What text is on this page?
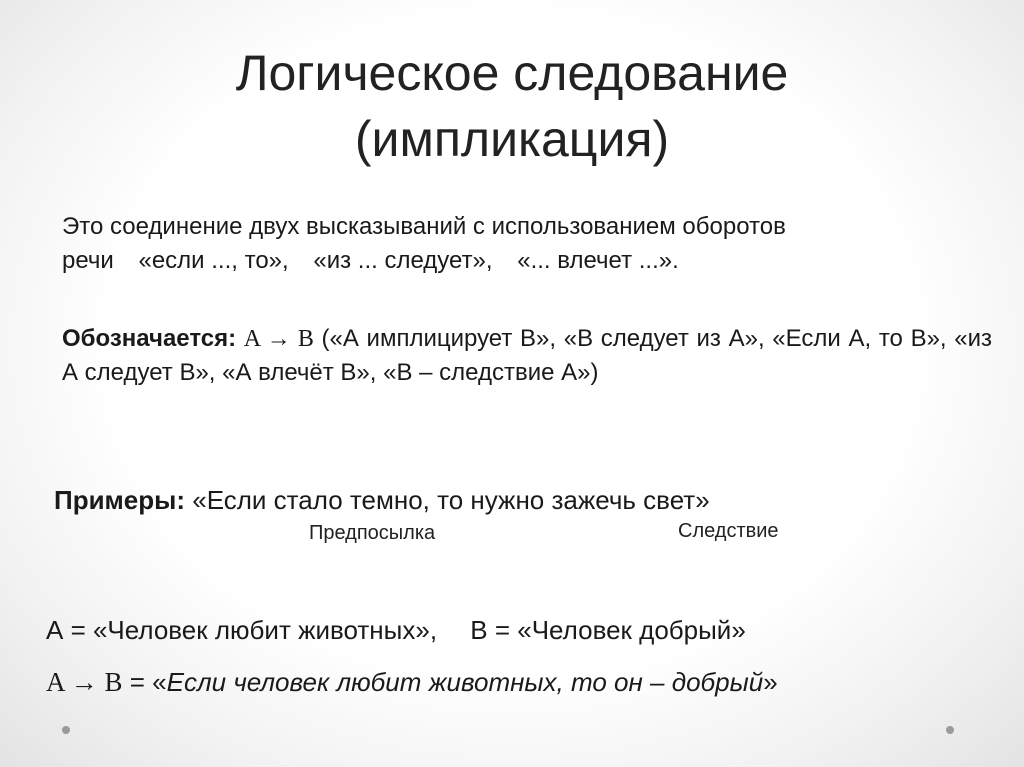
Логическое следование
(импликация)
Это соединение двух высказываний с использованием оборотов
речи «если ..., то», «из ... следует», «... влечет ...».
Обозначается: A → B («А имплицирует В», «В следует из А», «Если А, то В», «из А следует В», «А влечёт В», «В – следствие А»)
Примеры: «Если стало темно, то нужно зажечь свет»
Предпосылка	Следствие
А = «Человек любит животных», В = «Человек добрый»
A → B = «Если человек любит животных, то он – добрый»
